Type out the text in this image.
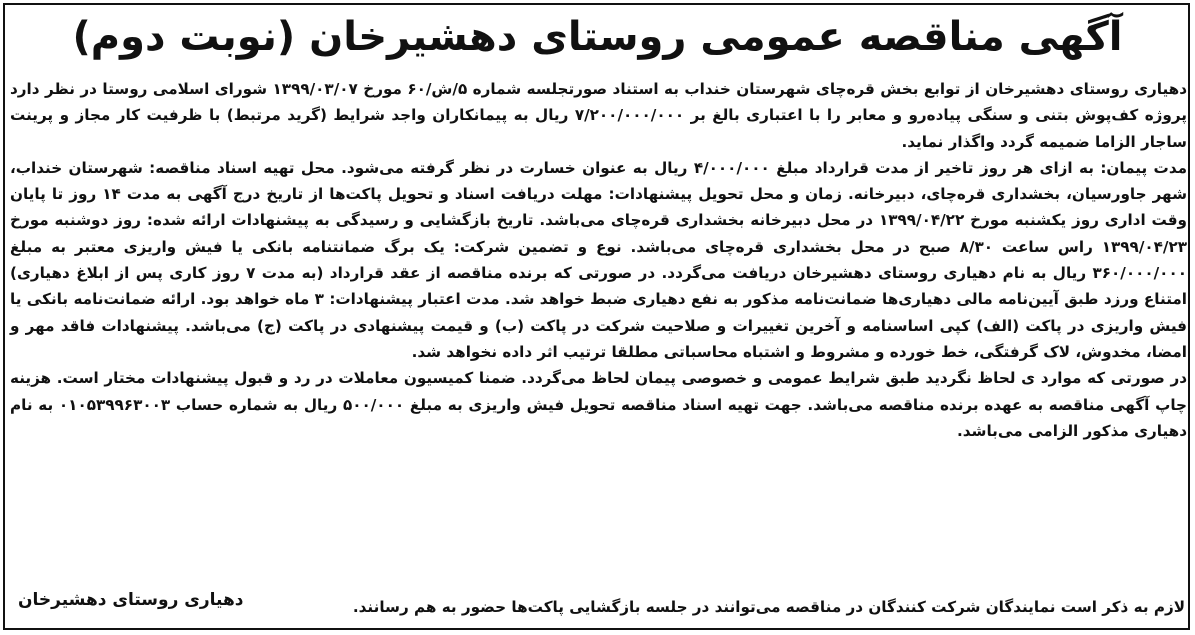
آگهی مناقصه عمومی روستای دهشیرخان (نوبت دوم)

دهیاری روستای دهشیرخان از توابع بخش قره‌چای شهرستان خنداب به استناد صورتجلسه شماره ۵/ش/۶۰ مورخ ۱۳۹۹/۰۳/۰۷ شورای اسلامی روستا در نظر دارد پروژه کف‌پوش بتنی و سنگی پیاده‌رو و معابر را با اعتباری بالغ بر ۷/۲۰۰/۰۰۰/۰۰۰ ریال به پیمانکاران واجد شرایط (گرید مرتبط) با ظرفیت کار مجاز و پرینت ساجار الزاما ضمیمه گردد واگذار نماید.

مدت پیمان: به ازای هر روز تاخیر از مدت قرارداد مبلغ ۴/۰۰۰/۰۰۰ ریال به عنوان خسارت در نظر گرفته می‌شود. محل تهیه اسناد مناقصه: شهرستان خنداب، شهر جاورسیان، بخشداری قره‌چای، دبیرخانه. زمان و محل تحویل پیشنهادات: مهلت دریافت اسناد و تحویل پاکت‌ها از تاریخ درج آگهی به مدت ۱۴ روز تا پایان وقت اداری روز یکشنبه مورخ ۱۳۹۹/۰۴/۲۲ در محل دبیرخانه بخشداری قره‌چای می‌باشد. تاریخ بازگشایی و رسیدگی به پیشنهادات ارائه شده: روز دوشنبه مورخ ۱۳۹۹/۰۴/۲۳ راس ساعت ۸/۳۰ صبح در محل بخشداری قره‌چای می‌باشد. نوع و تضمین شرکت: یک برگ ضمانتنامه بانکی یا فیش واریزی معتبر به مبلغ ۳۶۰/۰۰۰/۰۰۰ ریال به نام دهیاری روستای دهشیرخان دریافت می‌گردد. در صورتی که برنده مناقصه از عقد قرارداد (به مدت ۷ روز کاری پس از ابلاغ دهیاری) امتناع ورزد طبق آیین‌نامه مالی دهیاری‌ها ضمانت‌نامه مذکور به نفع دهیاری ضبط خواهد شد. مدت اعتبار پیشنهادات: ۳ ماه خواهد بود. ارائه ضمانت‌نامه بانکی یا فیش واریزی در پاکت (الف) کپی اساسنامه و آخرین تغییرات و صلاحیت شرکت در پاکت (ب) و قیمت پیشنهادی در پاکت (ج) می‌باشد. پیشنهادات فاقد مهر و امضا، مخدوش، لاک گرفتگی، خط خورده و مشروط و اشتباه محاسباتی مطلقا ترتیب اثر داده نخواهد شد.

در صورتی که موارد ی لحاظ نگردید طبق شرایط عمومی و خصوصی پیمان لحاظ می‌گردد. ضمنا کمیسیون معاملات در رد و قبول پیشنهادات مختار است. هزینه چاپ آگهی مناقصه به عهده برنده مناقصه می‌باشد. جهت تهیه اسناد مناقصه تحویل فیش واریزی به مبلغ ۵۰۰/۰۰۰ ریال به شماره حساب ۰۱۰۵۳۹۹۶۳۰۰۳ به نام دهیاری مذکور الزامی می‌باشد.

لازم به ذکر است نمایندگان شرکت کنندگان در مناقصه می‌توانند در جلسه بازگشایی پاکت‌ها حضور به هم رسانند.
دهیاری روستای دهشیرخان
